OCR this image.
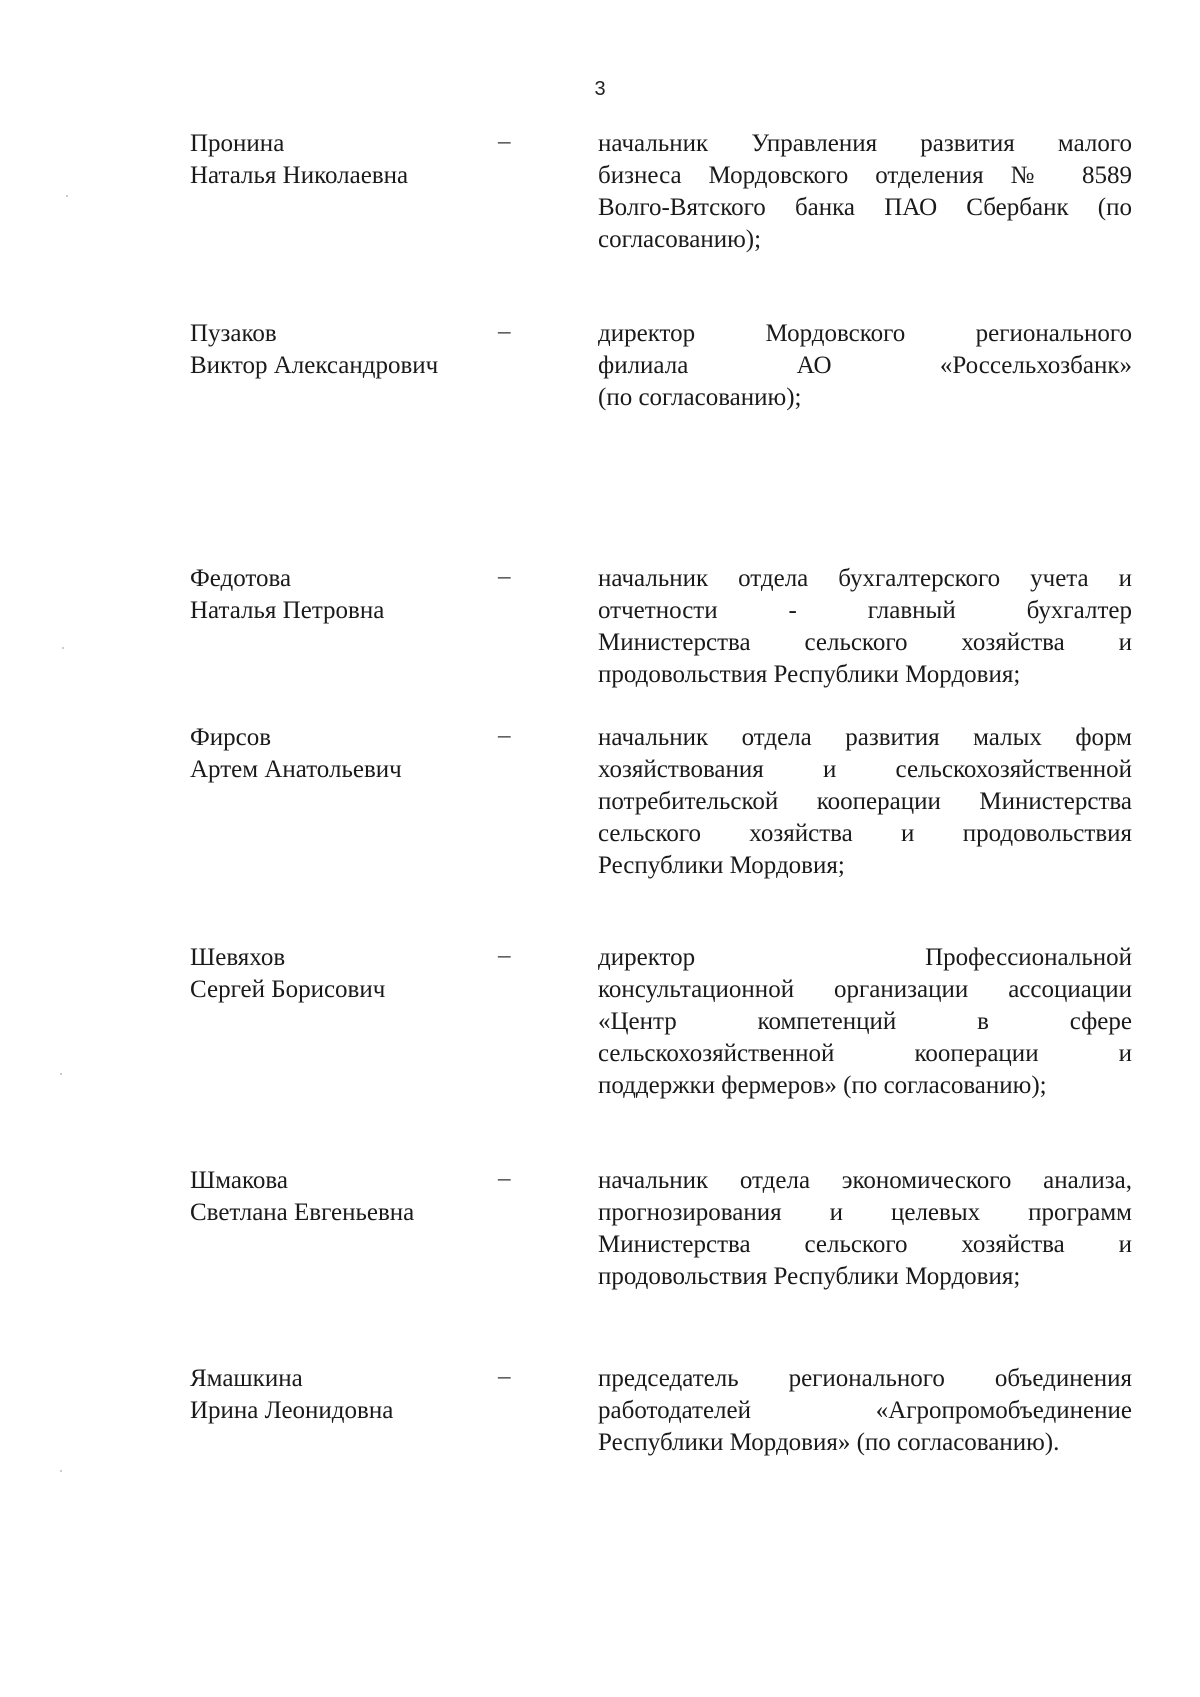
3
Пронина
Наталья Николаевна
–	начальник Управления развития малого
бизнеса Мордовского отделения № 8589
Волго-Вятского банка ПАО Сбербанк (по
согласованию);
Пузаков
Виктор Александрович
–	директор Мордовского регионального
филиала АО «Россельхозбанк»
(по согласованию);
Федотова
Наталья Петровна
–	начальник отдела бухгалтерского учета и
отчетности - главный бухгалтер
Министерства сельского хозяйства и
продовольствия Республики Мордовия;
Фирсов
Артем Анатольевич
–	начальник отдела развития малых форм
хозяйствования и сельскохозяйственной
потребительской кооперации Министерства
сельского хозяйства и продовольствия
Республики Мордовия;
Шевяхов
Сергей Борисович
–	директор Профессиональной
консультационной организации ассоциации
«Центр компетенций в сфере
сельскохозяйственной кооперации и
поддержки фермеров» (по согласованию);
Шмакова
Светлана Евгеньевна
–	начальник отдела экономического анализа,
прогнозирования и целевых программ
Министерства сельского хозяйства и
продовольствия Республики Мордовия;
Ямашкина
Ирина Леонидовна
–	председатель регионального объединения
работодателей «Агропромобъединение
Республики Мордовия» (по согласованию).
